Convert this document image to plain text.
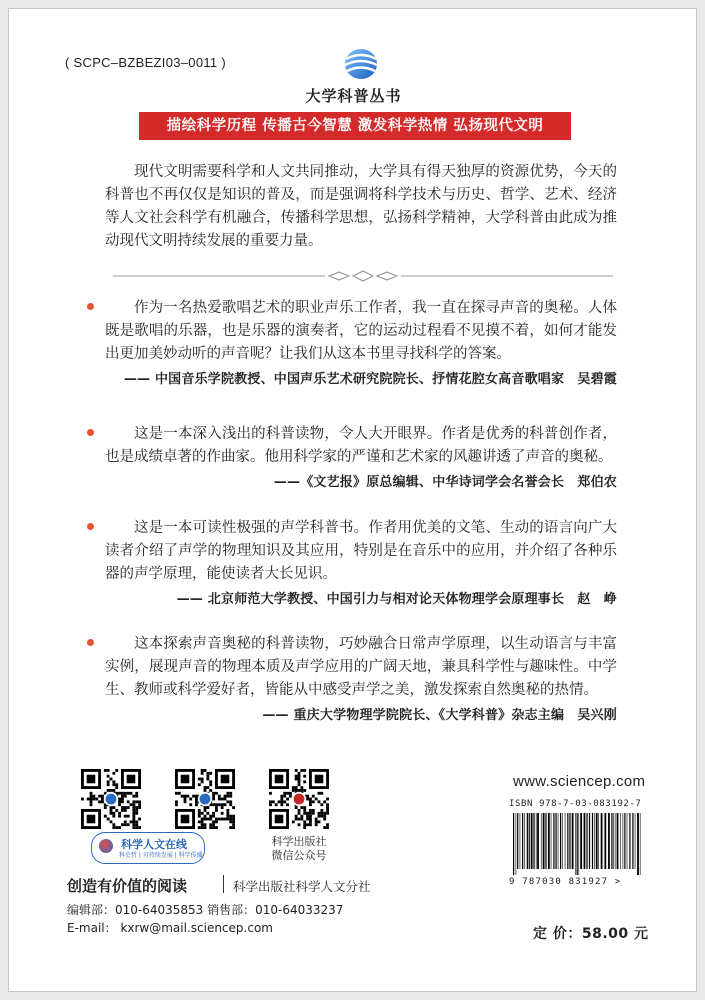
( SCPC–BZBEZI03–0011 )
大学科普丛书
描绘科学历程 传播古今智慧 激发科学热情 弘扬现代文明
现代文明需要科学和人文共同推动，大学具有得天独厚的资源优势，今天的科普也不再仅仅是知识的普及，而是强调将科学技术与历史、哲学、艺术、经济等人文社会科学有机融合，传播科学思想，弘扬科学精神，大学科普由此成为推动现代文明持续发展的重要力量。

作为一名热爱歌唱艺术的职业声乐工作者，我一直在探寻声音的奥秘。人体既是歌唱的乐器，也是乐器的演奏者，它的运动过程看不见摸不着，如何才能发出更加美妙动听的声音呢？让我们从这本书里寻找科学的答案。

—— 中国音乐学院教授、中国声乐艺术研究院院长、抒情花腔女高音歌唱家　吴碧霞

这是一本深入浅出的科普读物，令人大开眼界。作者是优秀的科普创作者，也是成绩卓著的作曲家。他用科学家的严谨和艺术家的风趣讲透了声音的奥秘。

——《文艺报》原总编辑、中华诗词学会名誉会长　郑伯农

这是一本可读性极强的声学科普书。作者用优美的文笔、生动的语言向广大读者介绍了声学的物理知识及其应用，特别是在音乐中的应用，并介绍了各种乐器的声学原理，能使读者大长见识。

—— 北京师范大学教授、中国引力与相对论天体物理学会原理事长　赵　峥

这本探索声音奥秘的科普读物，巧妙融合日常声学原理，以生动语言与丰富实例，展现声音的物理本质及声学应用的广阔天地，兼具科学性与趣味性。中学生、教师或科学爱好者，皆能从中感受声学之美，激发探索自然奥秘的热情。

—— 重庆大学物理学院院长、《大学科普》杂志主编　吴兴刚
科学人文在线
科史哲 | 可持续发展 | 科学传播
科学出版社
微信公众号
创造有价值的阅读	科学出版社科学人文分社
编辑部：010-64035853 销售部：010-64033237
E-mail： kxrw@mail.sciencep.com
www.sciencep.com
ISBN 978-7-03-083192-7
9 787030 831927 >
定 价：58.00 元
